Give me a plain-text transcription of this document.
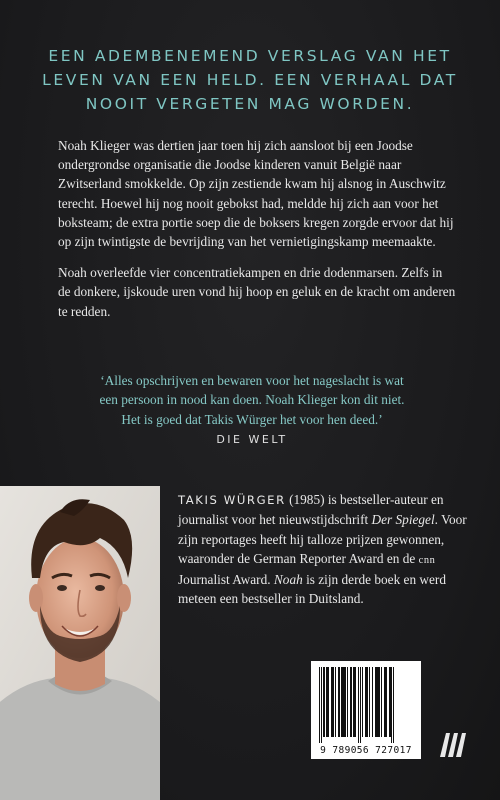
EEN ADEMBENEMEND VERSLAG VAN HET
LEVEN VAN EEN HELD. EEN VERHAAL DAT
NOOIT VERGETEN MAG WORDEN.

Noah Klieger was dertien jaar toen hij zich aansloot bij een Joodse ondergrondse organisatie die Joodse kinderen vanuit België naar Zwitserland smokkelde. Op zijn zestiende kwam hij alsnog in Auschwitz terecht. Hoewel hij nog nooit gebokst had, meldde hij zich aan voor het boksteam; de extra portie soep die de boksers kregen zorgde ervoor dat hij op zijn twintigste de bevrijding van het vernietigingskamp meemaakte.

Noah overleefde vier concentratiekampen en drie dodenmarsen. Zelfs in de donkere, ijskoude uren vond hij hoop en geluk en de kracht om anderen te redden.

‘Alles opschrijven en bewaren voor het nageslacht is wat
een persoon in nood kan doen. Noah Klieger kon dit niet.
Het is goed dat Takis Würger het voor hen deed.’
DIE WELT
TAKIS WÜRGER (1985) is bestseller-auteur en journalist voor het nieuwstijdschrift Der Spiegel. Voor zijn reportages heeft hij talloze prijzen gewonnen, waaronder de German Reporter Award en de cnn Journalist Award. Noah is zijn derde boek en werd meteen een bestseller in Duitsland.
9 789056 727017
